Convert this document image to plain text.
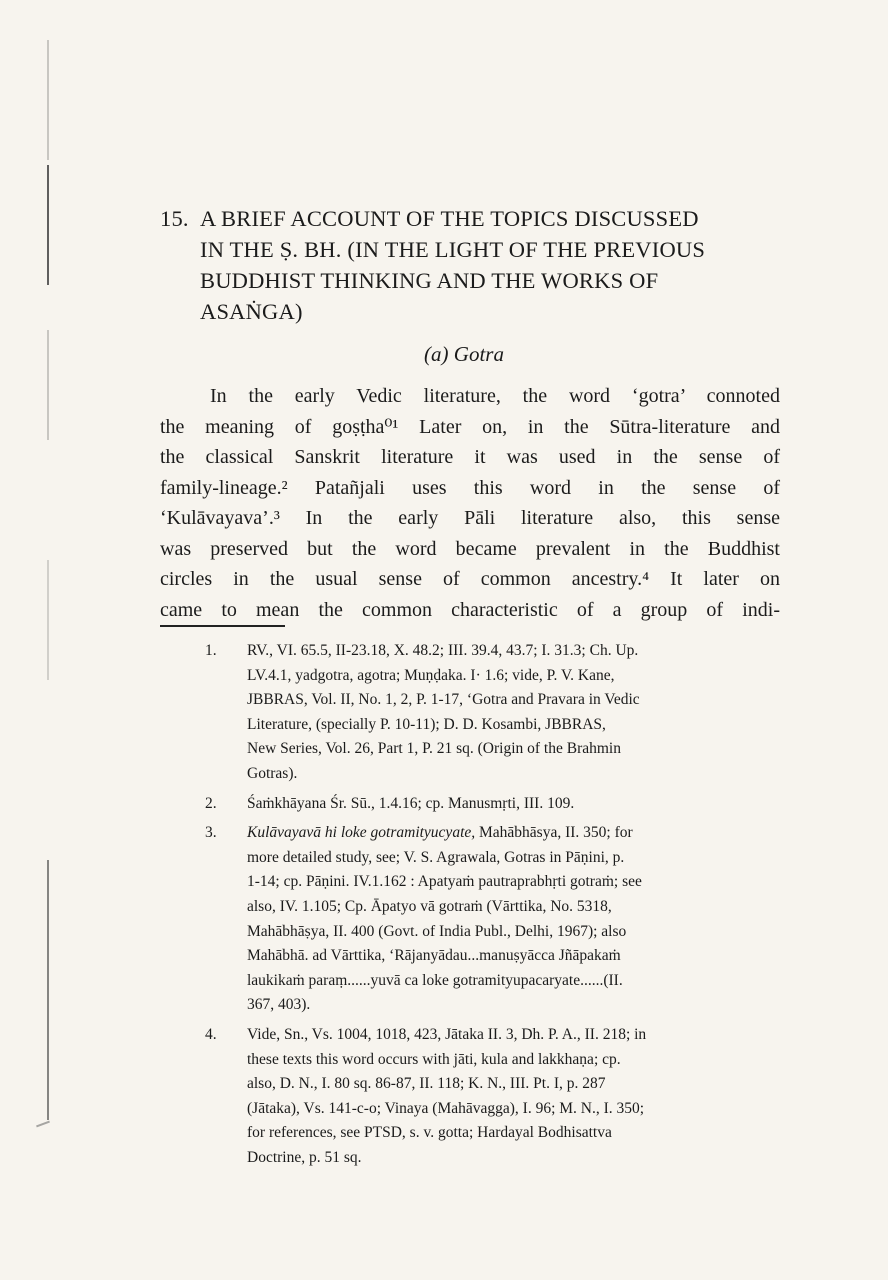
15. A BRIEF ACCOUNT OF THE TOPICS DISCUSSED
IN THE Ṣ. BH. (IN THE LIGHT OF THE PREVIOUS
BUDDHIST THINKING AND THE WORKS OF
ASAṄGA)
(a) Gotra
In the early Vedic literature, the word ‘gotra’ connoted
the meaning of goṣṭha⁰¹ Later on, in the Sūtra-literature and
the classical Sanskrit literature it was used in the sense of
family-lineage.² Patañjali uses this word in the sense of
‘Kulāvayava’.³ In the early Pāli literature also, this sense
was preserved but the word became prevalent in the Buddhist
circles in the usual sense of common ancestry.⁴ It later on
came to mean the common characteristic of a group of indi-
1.	RV., VI. 65.5, II-23.18, X. 48.2; III. 39.4, 43.7; I. 31.3; Ch. Up.
LV.4.1, yadgotra, agotra; Muṇḍaka. I· 1.6; vide, P. V. Kane,
JBBRAS, Vol. II, No. 1, 2, P. 1-17, ‘Gotra and Pravara in Vedic
Literature, (specially P. 10-11); D. D. Kosambi, JBBRAS,
New Series, Vol. 26, Part 1, P. 21 sq. (Origin of the Brahmin
Gotras).
2.	Śaṁkhāyana Śr. Sū., 1.4.16; cp. Manusmṛti, III. 109.
3.	Kulāvayavā hi loke gotramityucyate, Mahābhāsya, II. 350; for
more detailed study, see; V. S. Agrawala, Gotras in Pāṇini, p.
1-14; cp. Pāṇini. IV.1.162 : Apatyaṁ pautraprabhṛti gotraṁ; see
also, IV. 1.105; Cp. Āpatyo vā gotraṁ (Vārttika, No. 5318,
Mahābhāṣya, II. 400 (Govt. of India Publ., Delhi, 1967); also
Mahābhā. ad Vārttika, ‘Rājanyādau...manuṣyācca Jñāpakaṁ
laukikaṁ paraṃ......yuvā ca loke gotramityupacaryate......(II.
367, 403).
4.	Vide, Sn., Vs. 1004, 1018, 423, Jātaka II. 3, Dh. P. A., II. 218; in
these texts this word occurs with jāti, kula and lakkhaṇa; cp.
also, D. N., I. 80 sq. 86-87, II. 118; K. N., III. Pt. I, p. 287
(Jātaka), Vs. 141-c-o; Vinaya (Mahāvagga), I. 96; M. N., I. 350;
for references, see PTSD, s. v. gotta; Hardayal Bodhisattva
Doctrine, p. 51 sq.
